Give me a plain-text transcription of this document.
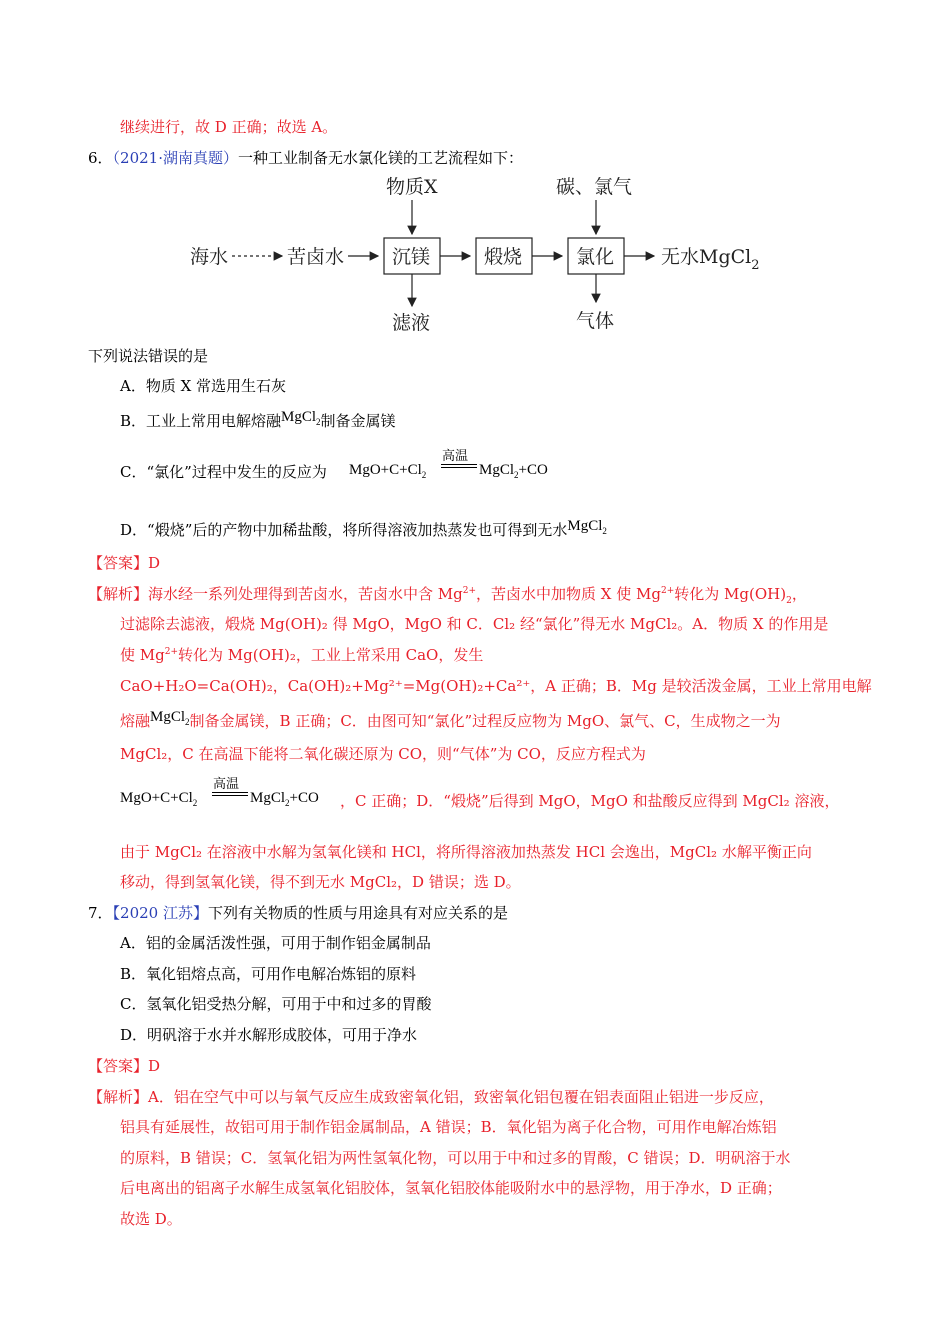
继续进行，故 D 正确；故选 A。
6．（2021·湖南真题）一种工业制备无水氯化镁的工艺流程如下：
海水	苦卤水	沉镁	煅烧	氯化 无水MgCl$_2$
物质X	碳、氯气
滤液	气体
下列说法错误的是
A．物质 X 常选用生石灰
B．工业上常用电解熔融MgCl$_2$制备金属镁
C．“氯化”过程中发生的反应为 $MgO+C+Cl_2$
高温
MgCl$_2$+CO
D．“煅烧”后的产物中加稀盐酸，将所得溶液加热蒸发也可得到无水MgCl$_2$
【答案】D
【解析】海水经一系列处理得到苦卤水，苦卤水中含 $Mg^{2+}$，苦卤水中加物质 X 使 $Mg^{2+}$转化为 $Mg(OH)_2$，
过滤除去滤液，煅烧 Mg(OH)₂ 得 MgO，MgO 和 C．Cl₂ 经“氯化”得无水 MgCl₂。A．物质 X 的作用是
使 $Mg^{2+}$转化为 Mg(OH)₂，工业上常采用 CaO，发生
CaO+H₂O=Ca(OH)₂，Ca(OH)₂+Mg²⁺=Mg(OH)₂+Ca²⁺，A 正确；B．Mg 是较活泼金属，工业上常用电解
熔融MgCl$_2$制备金属镁，B 正确；C．由图可知“氯化”过程反应物为 MgO、氯气、C，生成物之一为
MgCl₂，C 在高温下能将二氧化碳还原为 CO，则“气体”为 CO，反应方程式为
$MgO+C+Cl_2$
高温
MgCl$_2$+CO ，C 正确；D．“煅烧”后得到 MgO，MgO 和盐酸反应得到 MgCl₂ 溶液，
由于 MgCl₂ 在溶液中水解为氢氧化镁和 HCl，将所得溶液加热蒸发 HCl 会逸出，MgCl₂ 水解平衡正向
移动，得到氢氧化镁，得不到无水 MgCl₂，D 错误；选 D。
7．【2020 江苏】下列有关物质的性质与用途具有对应关系的是
A．铝的金属活泼性强，可用于制作铝金属制品
B．氧化铝熔点高，可用作电解冶炼铝的原料
C．氢氧化铝受热分解，可用于中和过多的胃酸
D．明矾溶于水并水解形成胶体，可用于净水
【答案】D
【解析】A．铝在空气中可以与氧气反应生成致密氧化铝，致密氧化铝包覆在铝表面阻止铝进一步反应，
铝具有延展性，故铝可用于制作铝金属制品，A 错误；B．氧化铝为离子化合物，可用作电解冶炼铝
的原料，B 错误；C．氢氧化铝为两性氢氧化物，可以用于中和过多的胃酸，C 错误；D．明矾溶于水
后电离出的铝离子水解生成氢氧化铝胶体，氢氧化铝胶体能吸附水中的悬浮物，用于净水，D 正确；
故选 D。
